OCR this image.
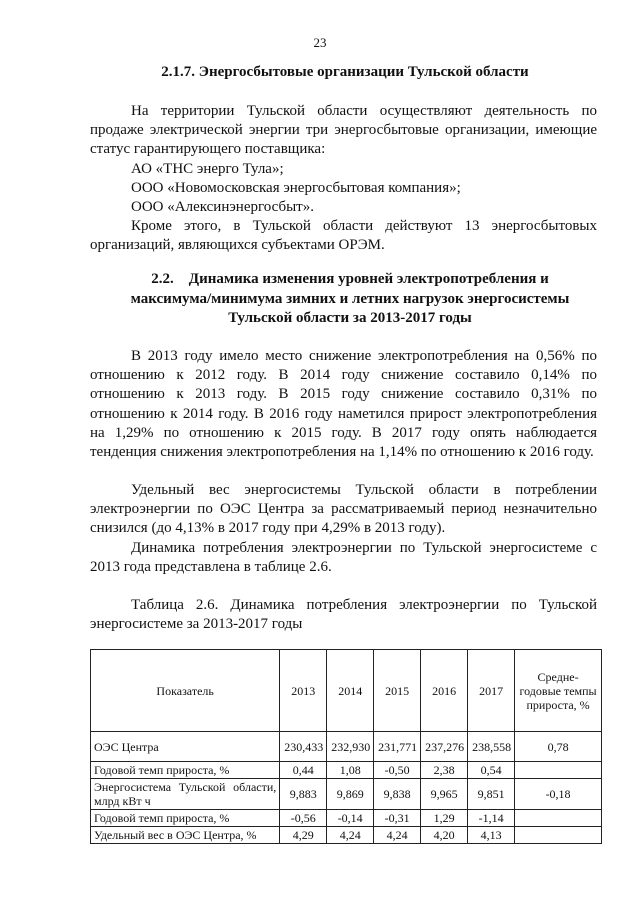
23
2.1.7. Энергосбытовые организации Тульской области
На территории Тульской области осуществляют деятельность по продаже электрической энергии три энергосбытовые организации, имеющие статус гарантирующего поставщика:
АО «ТНС энерго Тула»;
ООО «Новомосковская энергосбытовая компания»;
ООО «Алексинэнергосбыт».
Кроме этого, в Тульской области действуют 13 энергосбытовых организаций, являющихся субъектами ОРЭМ.
2.2. Динамика изменения уровней электропотребления и
максимума/минимума зимних и летних нагрузок энергосистемы
Тульской области за 2013-2017 годы
В 2013 году имело место снижение электропотребления на 0,56% по отношению к 2012 году. В 2014 году снижение составило 0,14% по отношению к 2013 году. В 2015 году снижение составило 0,31% по отношению к 2014 году. В 2016 году наметился прирост электропотребления на 1,29% по отношению к 2015 году. В 2017 году опять наблюдается тенденция снижения электропотребления на 1,14% по отношению к 2016 году.
Удельный вес энергосистемы Тульской области в потреблении электроэнергии по ОЭС Центра за рассматриваемый период незначительно снизился (до 4,13% в 2017 году при 4,29% в 2013 году).
Динамика потребления электроэнергии по Тульской энергосистеме с 2013 года представлена в таблице 2.6.
Таблица 2.6. Динамика потребления электроэнергии по Тульской энергосистеме за 2013-2017 годы
Показатель	2013	2014	2015	2016	2017	Средне-годовые темпы прироста, %
ОЭС Центра	230,433	232,930	231,771	237,276	238,558	0,78
Годовой темп прироста, %	0,44	1,08	-0,50	2,38	0,54	
Энергосистема Тульской области, млрд кВт ч	9,883	9,869	9,838	9,965	9,851	-0,18
Годовой темп прироста, %	-0,56	-0,14	-0,31	1,29	-1,14	
Удельный вес в ОЭС Центра, %	4,29	4,24	4,24	4,20	4,13	
